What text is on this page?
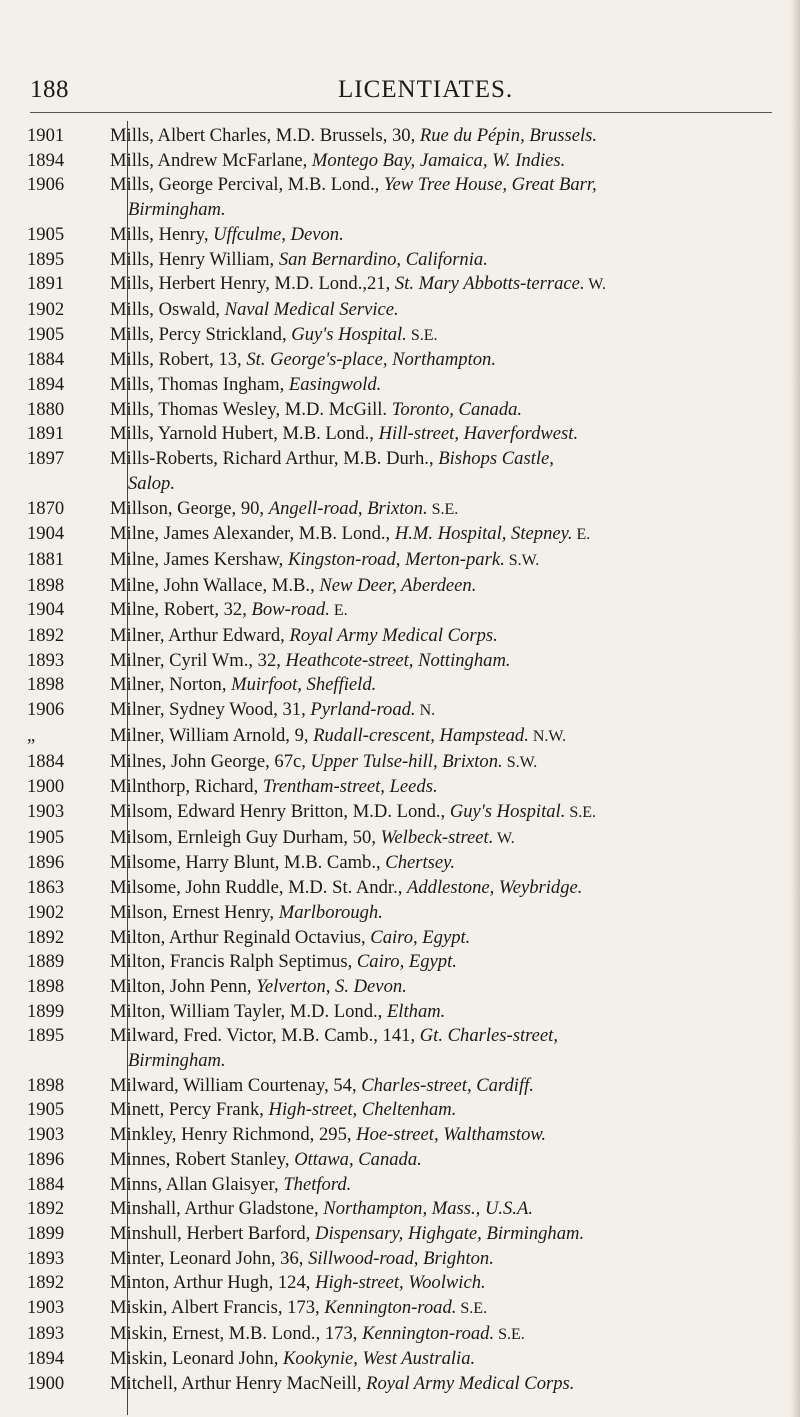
188	LICENTIATES.
1901	Mills, Albert Charles, M.D. Brussels, 30, Rue du Pépin, Brussels.
1894	Mills, Andrew McFarlane, Montego Bay, Jamaica, W. Indies.
1906	Mills, George Percival, M.B. Lond., Yew Tree House, Great Barr,
Birmingham.
1905	Mills, Henry, Uffculme, Devon.
1895	Mills, Henry William, San Bernardino, California.
1891	Mills, Herbert Henry, M.D. Lond.,21, St. Mary Abbotts-terrace. W.
1902	Mills, Oswald, Naval Medical Service.
1905	Mills, Percy Strickland, Guy's Hospital. S.E.
1884	Mills, Robert, 13, St. George's-place, Northampton.
1894	Mills, Thomas Ingham, Easingwold.
1880	Mills, Thomas Wesley, M.D. McGill. Toronto, Canada.
1891	Mills, Yarnold Hubert, M.B. Lond., Hill-street, Haverfordwest.
1897	Mills-Roberts, Richard Arthur, M.B. Durh., Bishops Castle,
Salop.
1870	Millson, George, 90, Angell-road, Brixton. S.E.
1904	Milne, James Alexander, M.B. Lond., H.M. Hospital, Stepney. E.
1881	Milne, James Kershaw, Kingston-road, Merton-park. S.W.
1898	Milne, John Wallace, M.B., New Deer, Aberdeen.
1904	Milne, Robert, 32, Bow-road. E.
1892	Milner, Arthur Edward, Royal Army Medical Corps.
1893	Milner, Cyril Wm., 32, Heathcote-street, Nottingham.
1898	Milner, Norton, Muirfoot, Sheffield.
1906	Milner, Sydney Wood, 31, Pyrland-road. N.
„	Milner, William Arnold, 9, Rudall-crescent, Hampstead. N.W.
1884	Milnes, John George, 67c, Upper Tulse-hill, Brixton. S.W.
1900	Milnthorp, Richard, Trentham-street, Leeds.
1903	Milsom, Edward Henry Britton, M.D. Lond., Guy's Hospital. S.E.
1905	Milsom, Ernleigh Guy Durham, 50, Welbeck-street. W.
1896	Milsome, Harry Blunt, M.B. Camb., Chertsey.
1863	Milsome, John Ruddle, M.D. St. Andr., Addlestone, Weybridge.
1902	Milson, Ernest Henry, Marlborough.
1892	Milton, Arthur Reginald Octavius, Cairo, Egypt.
1889	Milton, Francis Ralph Septimus, Cairo, Egypt.
1898	Milton, John Penn, Yelverton, S. Devon.
1899	Milton, William Tayler, M.D. Lond., Eltham.
1895	Milward, Fred. Victor, M.B. Camb., 141, Gt. Charles-street,
Birmingham.
1898	Milward, William Courtenay, 54, Charles-street, Cardiff.
1905	Minett, Percy Frank, High-street, Cheltenham.
1903	Minkley, Henry Richmond, 295, Hoe-street, Walthamstow.
1896	Minnes, Robert Stanley, Ottawa, Canada.
1884	Minns, Allan Glaisyer, Thetford.
1892	Minshall, Arthur Gladstone, Northampton, Mass., U.S.A.
1899	Minshull, Herbert Barford, Dispensary, Highgate, Birmingham.
1893	Minter, Leonard John, 36, Sillwood-road, Brighton.
1892	Minton, Arthur Hugh, 124, High-street, Woolwich.
1903	Miskin, Albert Francis, 173, Kennington-road. S.E.
1893	Miskin, Ernest, M.B. Lond., 173, Kennington-road. S.E.
1894	Miskin, Leonard John, Kookynie, West Australia.
1900	Mitchell, Arthur Henry MacNeill, Royal Army Medical Corps.
